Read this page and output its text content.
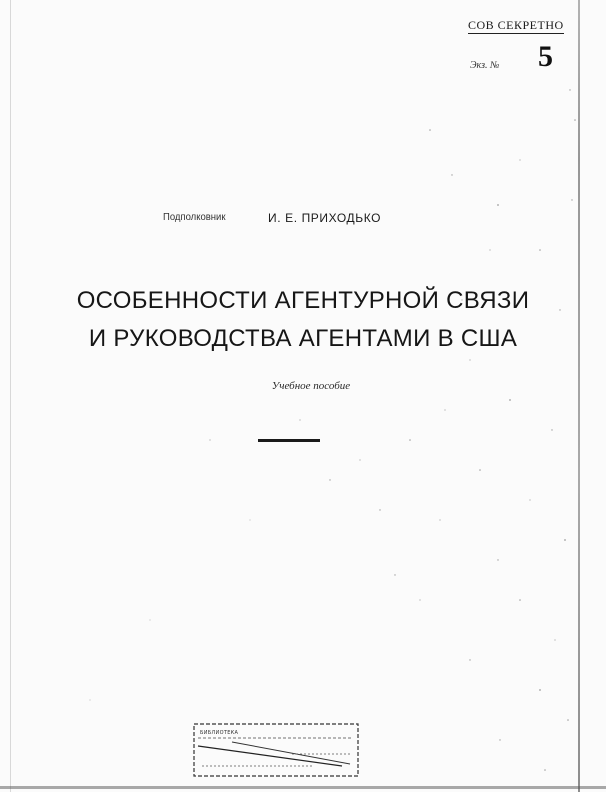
СОВ СЕКРЕТНО
Экз. № 5
Подполковник	И. Е. ПРИХОДЬКО
ОСОБЕННОСТИ АГЕНТУРНОЙ СВЯЗИ
И РУКОВОДСТВА АГЕНТАМИ В США
Учебное пособие
БИБЛИОТЕКА
